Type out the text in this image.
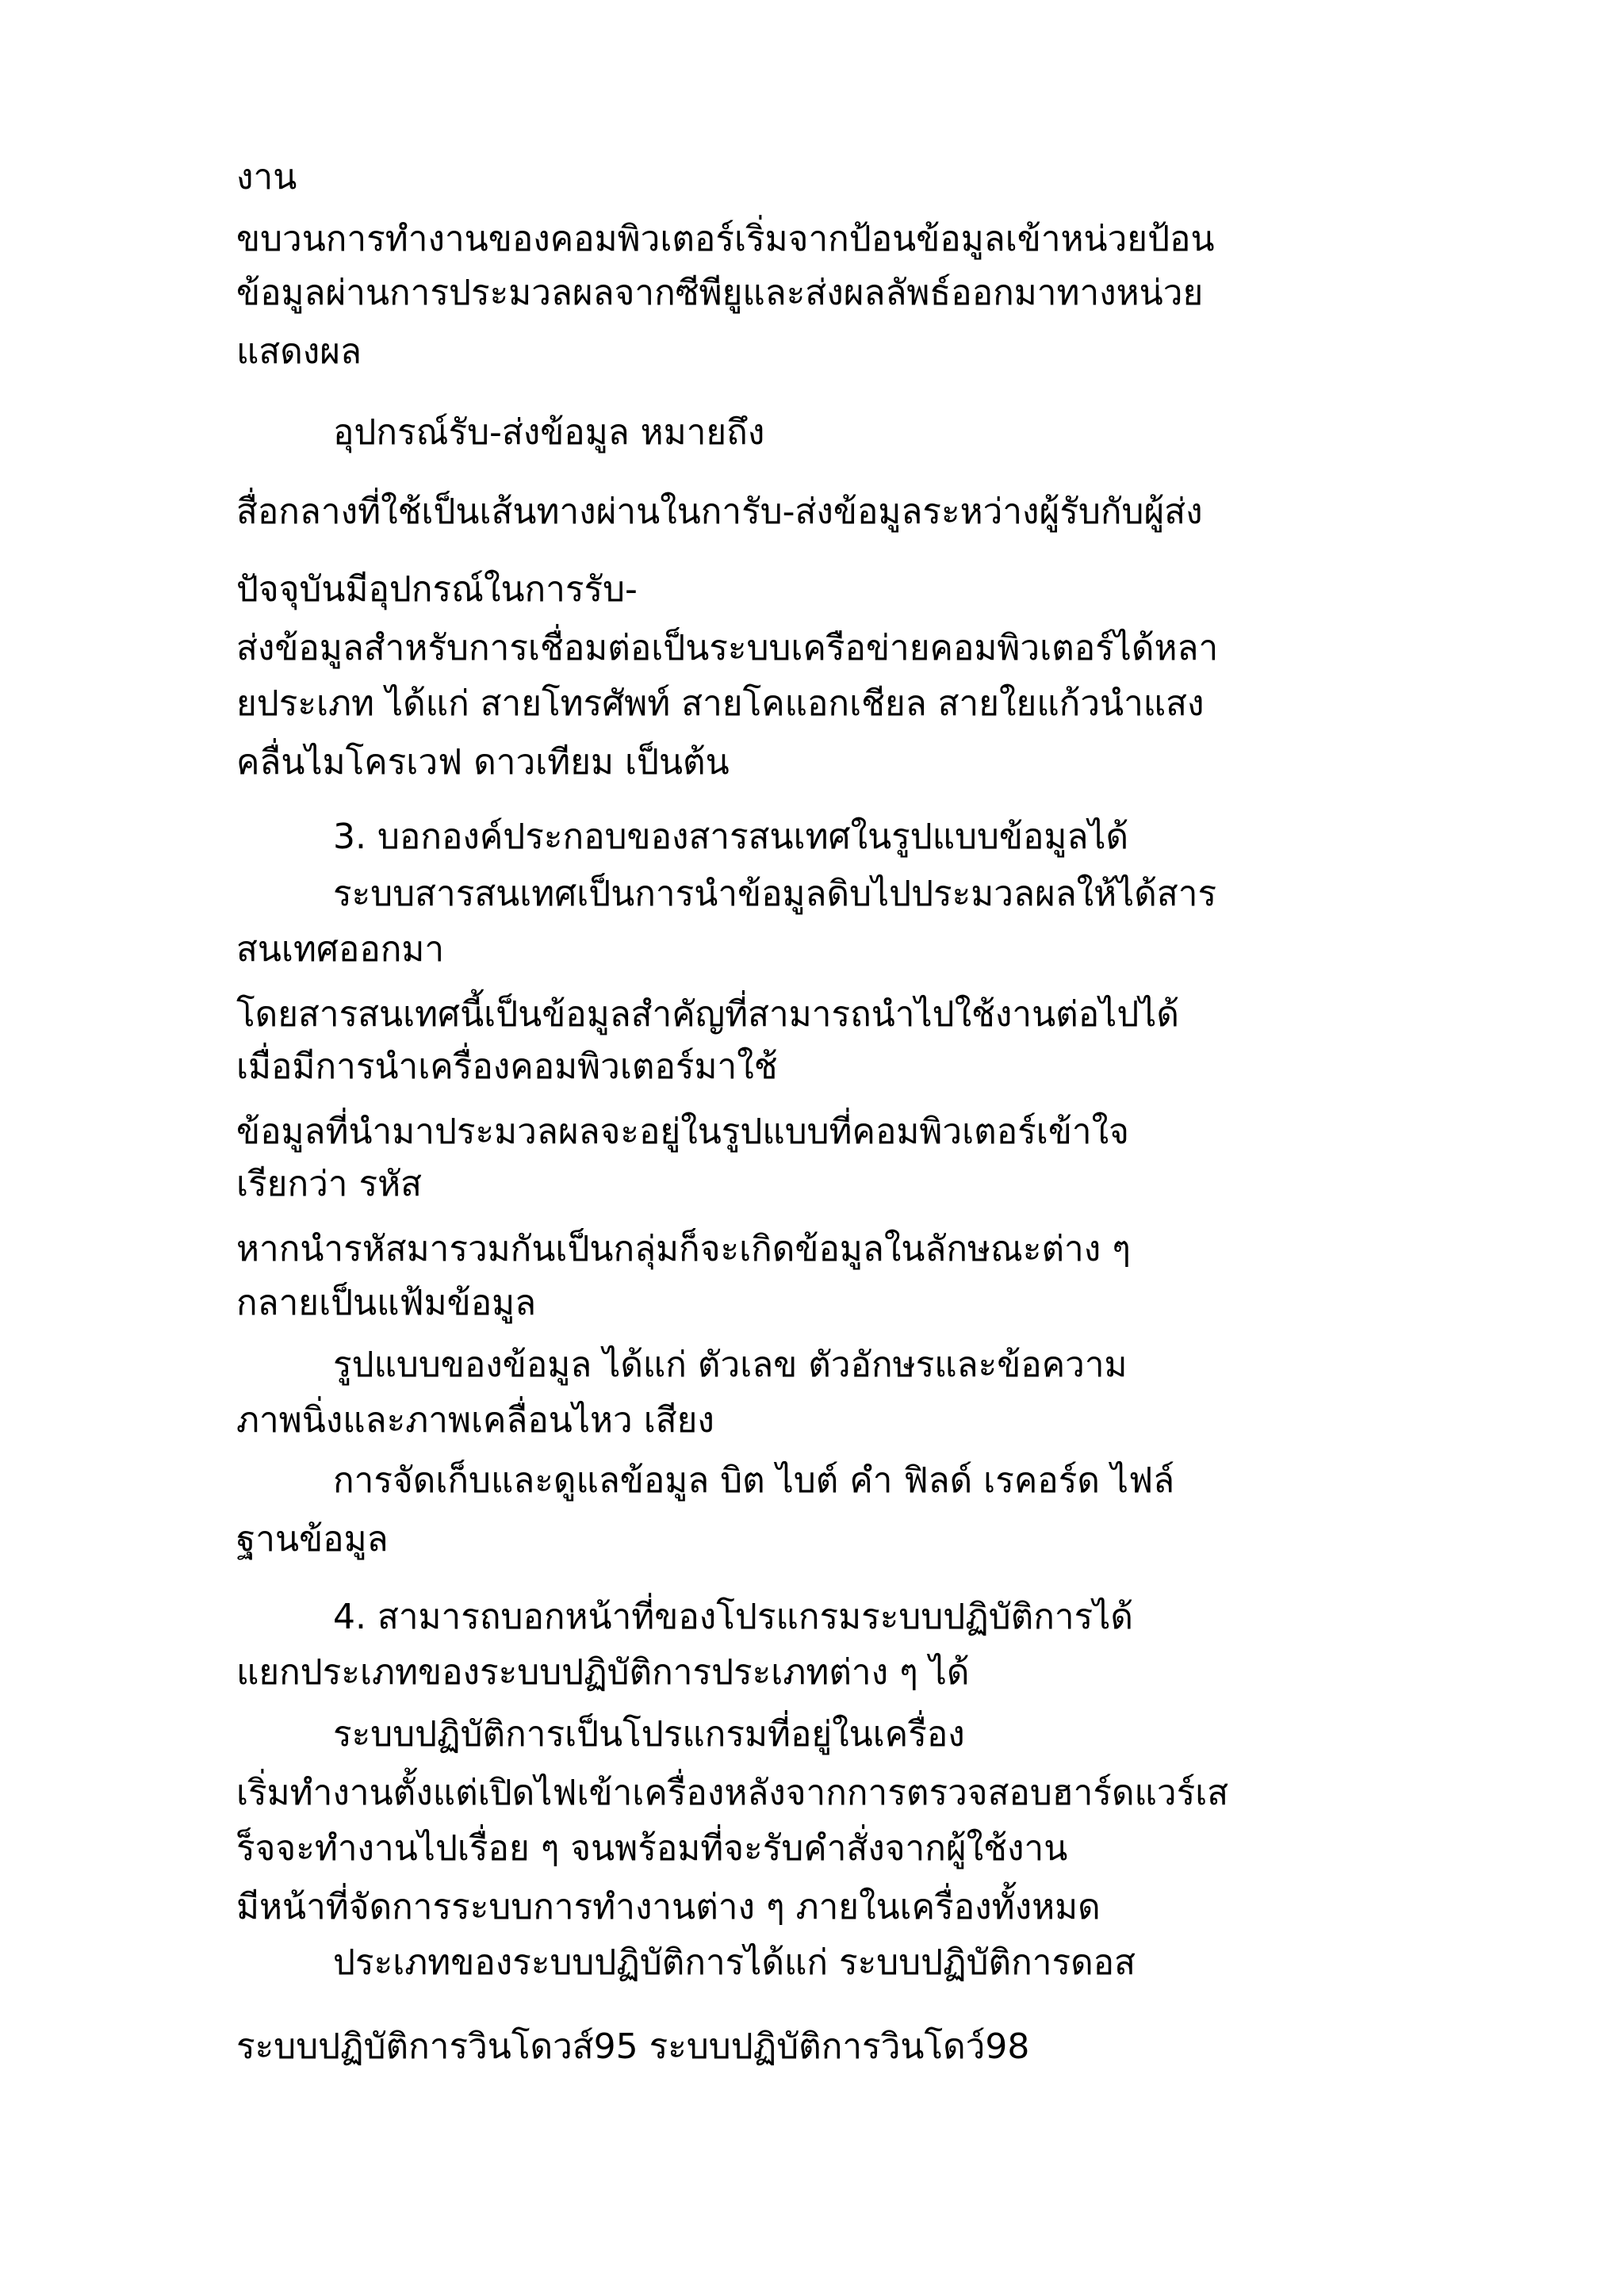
งาน
ขบวนการทำงานของคอมพิวเตอร์เริ่มจากป้อนข้อมูลเข้าหน่วยป้อน
ข้อมูลผ่านการประมวลผลจากซีพียูและส่งผลลัพธ์ออกมาทางหน่วย
แสดงผล
อุปกรณ์รับ-ส่งข้อมูล หมายถึง
สื่อกลางที่ใช้เป็นเส้นทางผ่านในการับ-ส่งข้อมูลระหว่างผู้รับกับผู้ส่ง
ปัจจุบันมีอุปกรณ์ในการรับ-
ส่งข้อมูลสำหรับการเชื่อมต่อเป็นระบบเครือข่ายคอมพิวเตอร์ได้หลา
ยประเภท ได้แก่ สายโทรศัพท์ สายโคแอกเชียล สายใยแก้วนำแสง
คลื่นไมโครเวฟ ดาวเทียม เป็นต้น
3. บอกองค์ประกอบของสารสนเทศในรูปแบบข้อมูลได้
ระบบสารสนเทศเป็นการนำข้อมูลดิบไปประมวลผลให้ได้สาร
สนเทศออกมา
โดยสารสนเทศนี้เป็นข้อมูลสำคัญที่สามารถนำไปใช้งานต่อไปได้
เมื่อมีการนำเครื่องคอมพิวเตอร์มาใช้
ข้อมูลที่นำมาประมวลผลจะอยู่ในรูปแบบที่คอมพิวเตอร์เข้าใจ
เรียกว่า รหัส
หากนำรหัสมารวมกันเป็นกลุ่มก็จะเกิดข้อมูลในลักษณะต่าง ๆ
กลายเป็นแฟ้มข้อมูล
รูปแบบของข้อมูล ได้แก่ ตัวเลข ตัวอักษรและข้อความ
ภาพนิ่งและภาพเคลื่อนไหว เสียง
การจัดเก็บและดูแลข้อมูล บิต ไบต์ คำ ฟิลด์ เรคอร์ด ไฟล์
ฐานข้อมูล
4. สามารถบอกหน้าที่ของโปรแกรมระบบปฏิบัติการได้
แยกประเภทของระบบปฏิบัติการประเภทต่าง ๆ ได้
ระบบปฏิบัติการเป็นโปรแกรมที่อยู่ในเครื่อง
เริ่มทำงานตั้งแต่เปิดไฟเข้าเครื่องหลังจากการตรวจสอบฮาร์ดแวร์เส
ร็จจะทำงานไปเรื่อย ๆ จนพร้อมที่จะรับคำสั่งจากผู้ใช้งาน
มีหน้าที่จัดการระบบการทำงานต่าง ๆ ภายในเครื่องทั้งหมด
ประเภทของระบบปฏิบัติการได้แก่ ระบบปฏิบัติการดอส
ระบบปฏิบัติการวินโดวส์95 ระบบปฏิบัติการวินโดว์98
